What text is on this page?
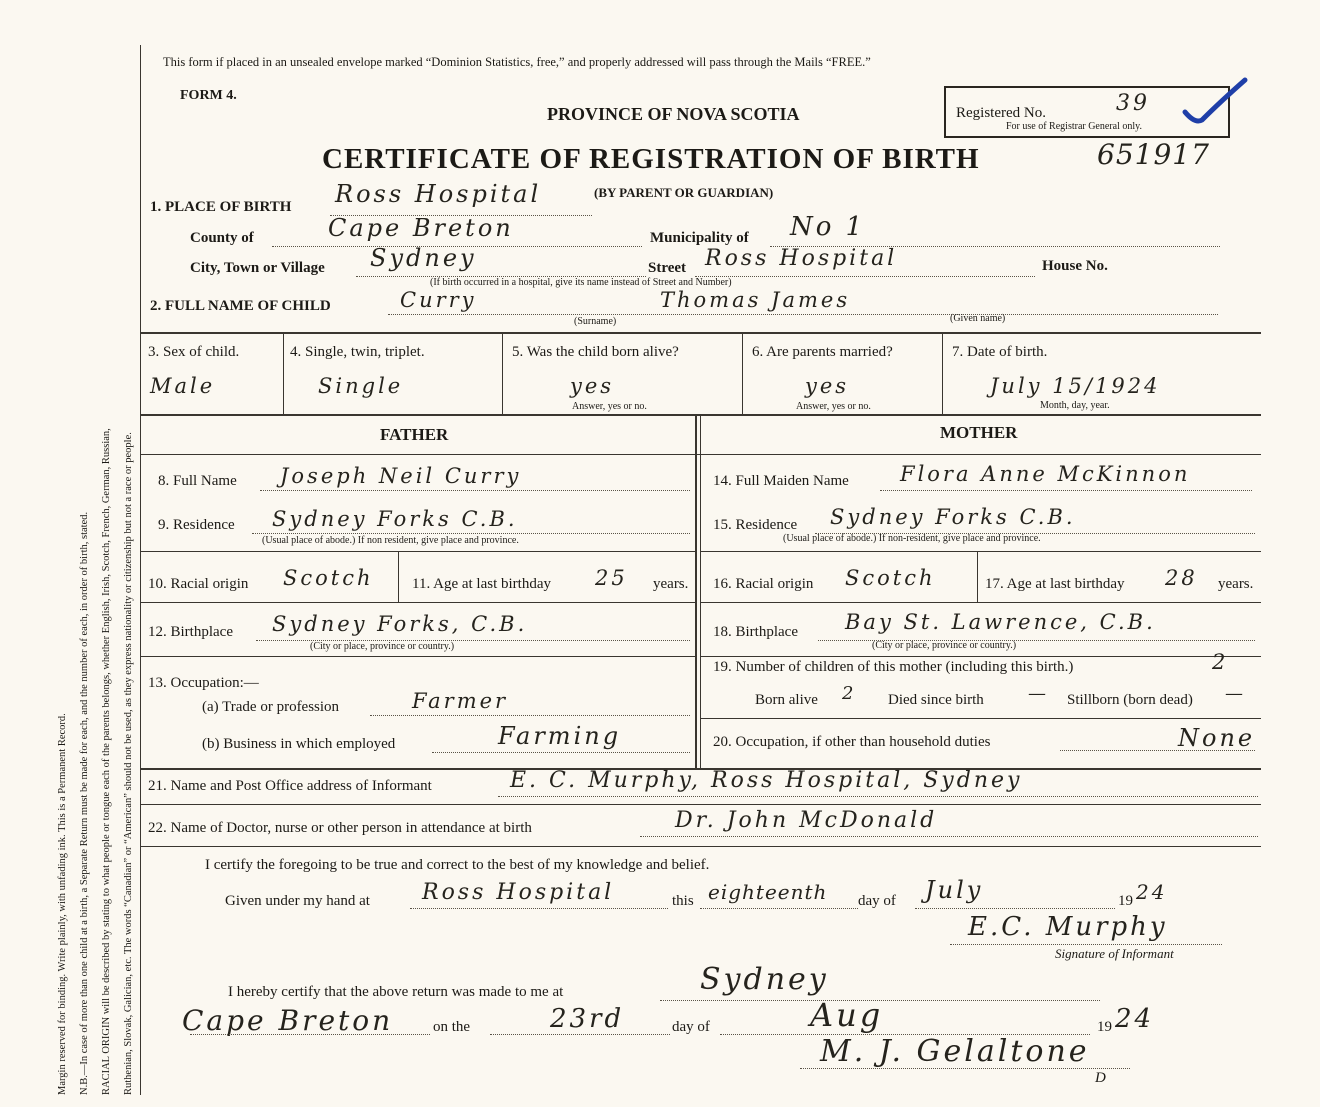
Margin reserved for binding. Write plainly, with unfading ink. This is a Permanent Record. N.B.—In case of more than one child at a birth, a Separate Return must be made for each, and the number of each, in order of birth, stated. RACIAL ORIGIN will be described by stating to what people or tongue each of the parents belongs, whether English, Irish, Scotch, French, German, Russian, Ruthenian, Slovak, Galician, etc. The words “Canadian” or “American” should not be used, as they express nationality or citizenship but not a race or people.
This form if placed in an unsealed envelope marked “Dominion Statistics, free,” and properly addressed will pass through the Mails “FREE.”
FORM 4.
PROVINCE OF NOVA SCOTIA
CERTIFICATE OF REGISTRATION OF BIRTH	651917
Registered No.	39
For use of Registrar General only.
1. PLACE OF BIRTH Ross Hospital	(BY PARENT OR GUARDIAN)
County of	Cape Breton	Municipality of No 1
City, Town or Village Sydney	Street Ross Hospital	House No.
(If birth occurred in a hospital, give its name instead of Street and Number)
2. FULL NAME OF CHILD	Curry	Thomas James
(Surname)	(Given name)
3. Sex of child.
Male
4. Single, twin, triplet.
Single
5. Was the child born alive?
yes
Answer, yes or no.
6. Are parents married?
yes
Answer, yes or no.
7. Date of birth.
July 15/1924
Month, day, year.
FATHER	MOTHER
8. Full Name Joseph Neil Curry
9. Residence Sydney Forks C.B.
(Usual place of abode.) If non resident, give place and province.
10. Racial origin Scotch	11. Age at last birthday 25 years.
12. Birthplace Sydney Forks, C.B.
(City or place, province or country.)
13. Occupation:—
(a) Trade or profession	Farmer
(b) Business in which employed	Farming
14. Full Maiden Name Flora Anne McKinnon
15. Residence Sydney Forks C.B.
(Usual place of abode.) If non-resident, give place and province.
16. Racial origin Scotch	17. Age at last birthday 28 years.
18. Birthplace Bay St. Lawrence, C.B.
(City or place, province or country.)
19. Number of children of this mother (including this birth.)	2
Born alive 2 Died since birth — Stillborn (born dead) —
20. Occupation, if other than household duties	None
21. Name and Post Office address of Informant	E. C. Murphy, Ross Hospital, Sydney
22. Name of Doctor, nurse or other person in attendance at birth	Dr. John McDonald
I certify the foregoing to be true and correct to the best of my knowledge and belief.
Given under my hand at Ross Hospital	this eighteenth day of July	19 24
E.C. Murphy
Signature of Informant
I hereby certify that the above return was made to me at	Sydney
Cape Breton	on the	23rd	day of	Aug	19 24
M. J. Gelaltone
D
